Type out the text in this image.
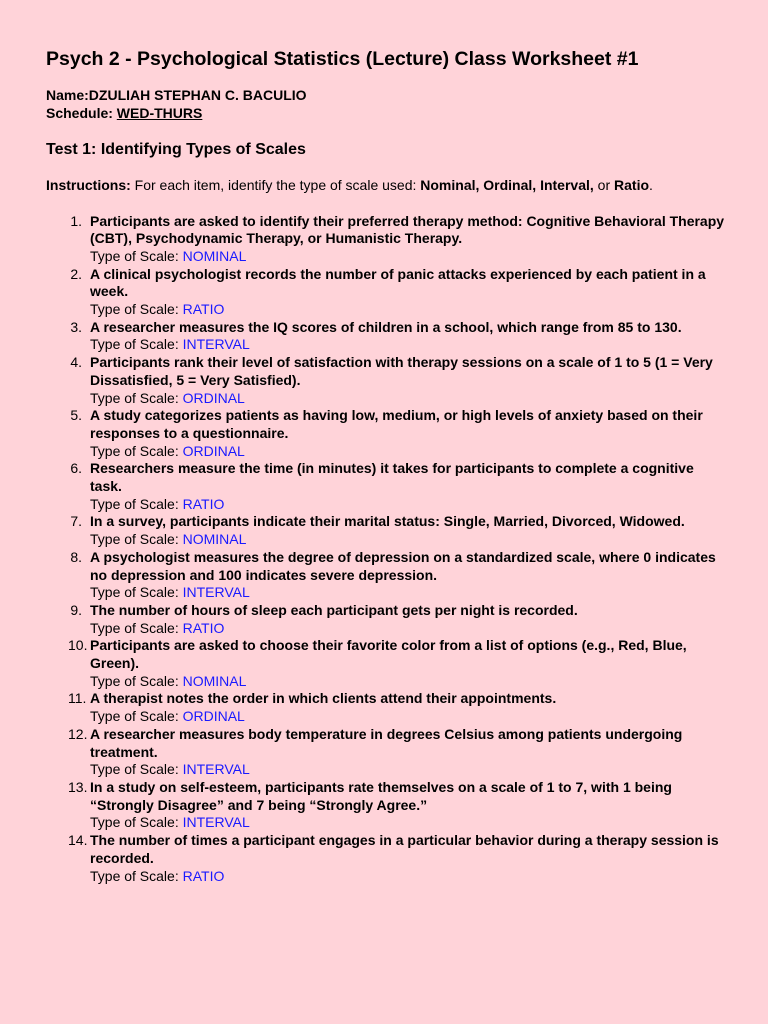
Psych 2 - Psychological Statistics (Lecture) Class Worksheet #1
Name:DZULIAH STEPHAN C. BACULIO
Schedule: WED-THURS
Test 1: Identifying Types of Scales
Instructions: For each item, identify the type of scale used: Nominal, Ordinal, Interval, or Ratio.
1. Participants are asked to identify their preferred therapy method: Cognitive Behavioral Therapy (CBT), Psychodynamic Therapy, or Humanistic Therapy.
Type of Scale: NOMINAL
2. A clinical psychologist records the number of panic attacks experienced by each patient in a week.
Type of Scale: RATIO
3. A researcher measures the IQ scores of children in a school, which range from 85 to 130.
Type of Scale: INTERVAL
4. Participants rank their level of satisfaction with therapy sessions on a scale of 1 to 5 (1 = Very Dissatisfied, 5 = Very Satisfied).
Type of Scale: ORDINAL
5. A study categorizes patients as having low, medium, or high levels of anxiety based on their responses to a questionnaire.
Type of Scale: ORDINAL
6. Researchers measure the time (in minutes) it takes for participants to complete a cognitive task.
Type of Scale: RATIO
7. In a survey, participants indicate their marital status: Single, Married, Divorced, Widowed.
Type of Scale: NOMINAL
8. A psychologist measures the degree of depression on a standardized scale, where 0 indicates no depression and 100 indicates severe depression.
Type of Scale: INTERVAL
9. The number of hours of sleep each participant gets per night is recorded.
Type of Scale: RATIO
10. Participants are asked to choose their favorite color from a list of options (e.g., Red, Blue, Green).
Type of Scale: NOMINAL
11. A therapist notes the order in which clients attend their appointments.
Type of Scale: ORDINAL
12. A researcher measures body temperature in degrees Celsius among patients undergoing treatment.
Type of Scale: INTERVAL
13. In a study on self-esteem, participants rate themselves on a scale of 1 to 7, with 1 being “Strongly Disagree” and 7 being “Strongly Agree.”
Type of Scale: INTERVAL
14. The number of times a participant engages in a particular behavior during a therapy session is recorded.
Type of Scale: RATIO
